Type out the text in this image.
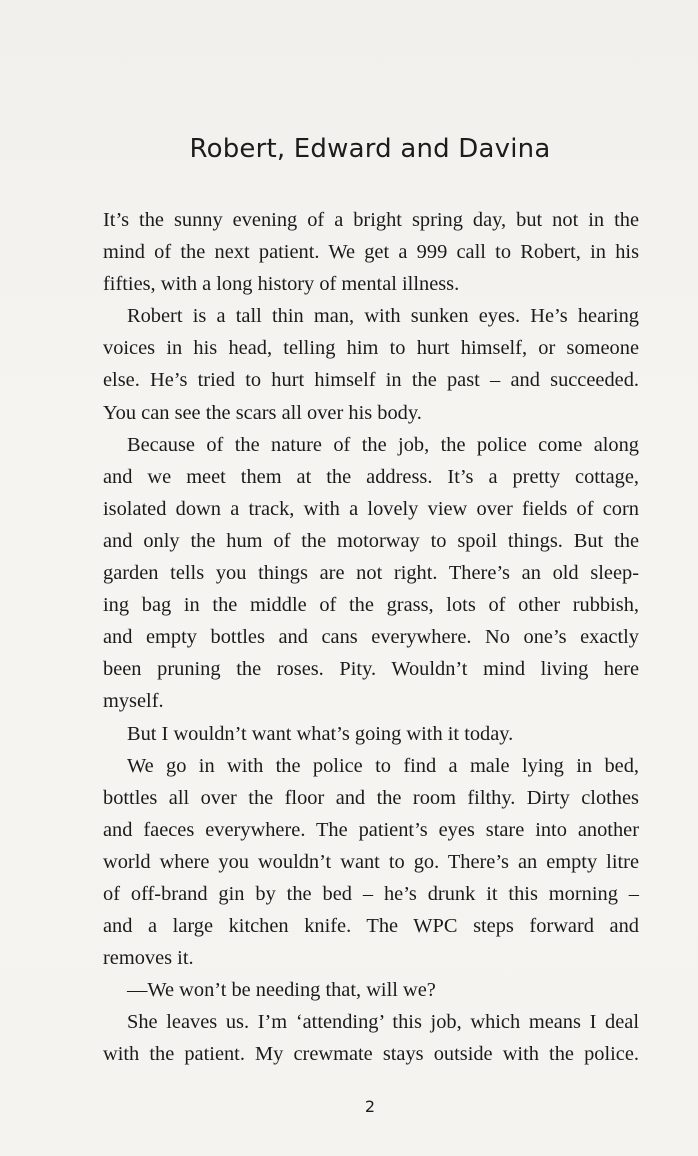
Robert, Edward and Davina
It’s the sunny evening of a bright spring day, but not in the
mind of the next patient. We get a 999 call to Robert, in his
fifties, with a long history of mental illness.
Robert is a tall thin man, with sunken eyes. He’s hearing
voices in his head, telling him to hurt himself, or someone
else. He’s tried to hurt himself in the past – and succeeded.
You can see the scars all over his body.
Because of the nature of the job, the police come along
and we meet them at the address. It’s a pretty cottage,
isolated down a track, with a lovely view over fields of corn
and only the hum of the motorway to spoil things. But the
garden tells you things are not right. There’s an old sleep-
ing bag in the middle of the grass, lots of other rubbish,
and empty bottles and cans everywhere. No one’s exactly
been pruning the roses. Pity. Wouldn’t mind living here
myself.
But I wouldn’t want what’s going with it today.
We go in with the police to find a male lying in bed,
bottles all over the floor and the room filthy. Dirty clothes
and faeces everywhere. The patient’s eyes stare into another
world where you wouldn’t want to go. There’s an empty litre
of off-brand gin by the bed – he’s drunk it this morning –
and a large kitchen knife. The WPC steps forward and
removes it.
—We won’t be needing that, will we?
She leaves us. I’m ‘attending’ this job, which means I deal
with the patient. My crewmate stays outside with the police.
2
